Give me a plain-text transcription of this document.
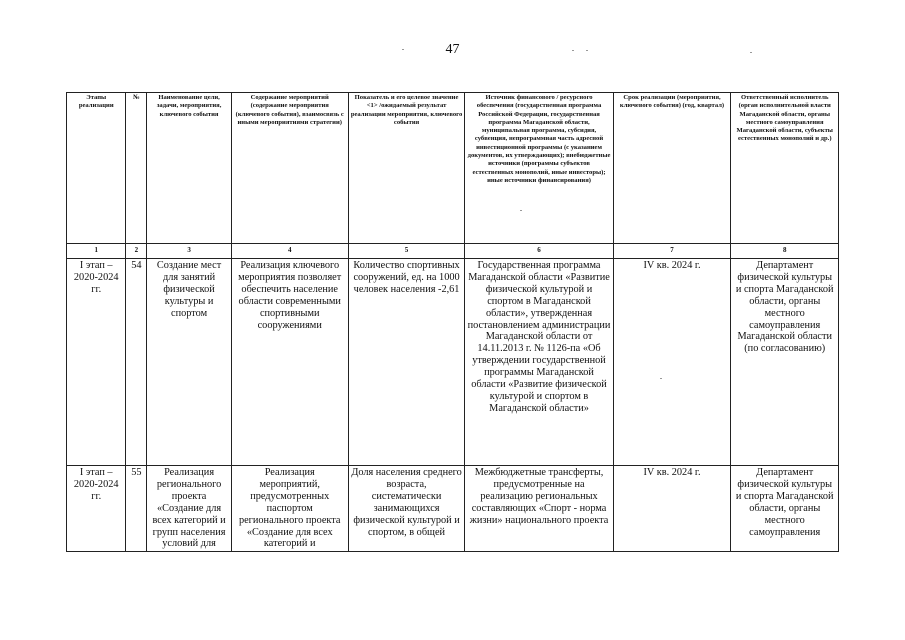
47
Этапы реализации	№	Наименование цели, задачи, мероприятия, ключевого события	Содержание мероприятий (содержание мероприятия (ключевого события), взаимосвязь с иными мероприятиями стратегии)	Показатель и его целевое значение <1> /ожидаемый результат реализации мероприятия, ключевого события	Источник финансового / ресурсного обеспечения (государственная программа Российской Федерации, государственная программа Магаданской области, муниципальная программа, субсидия, субвенция, непрограммная часть адресной инвестиционной программы (с указанием документов, их утверждающих); внебюджетные источники (программы субъектов естественных монополий, иные инвесторы); иные источники финансирования)	Срок реализации (мероприятия, ключевого события) (год, квартал)	Ответственный исполнитель (орган исполнительной власти Магаданской области, органы местного самоуправления Магаданской области, субъекты естественных монополий и др.)
1	2	3	4	5	6	7	8
I этап – 2020-2024 гг.	54	Создание мест для занятий физической культуры и спортом	Реализация ключевого мероприятия позволяет обеспечить население области современными спортивными сооружениями	Количество спортивных сооружений, ед. на 1000 человек населения -2,61	Государственная программа Магаданской области «Развитие физической культурой и спортом в Магаданской области», утвержденная постановлением администрации Магаданской области от 14.11.2013 г. № 1126-па «Об утверждении государственной программы Магаданской области «Развитие физической культурой и спортом в Магаданской области»	IV кв. 2024 г.	Департамент физической культуры и спорта Магаданской области, органы местного самоуправления Магаданской области (по согласованию)
I этап – 2020-2024 гг.	55	Реализация регионального проекта «Создание для всех категорий и групп населения условий для	Реализация мероприятий, предусмотренных паспортом регионального проекта «Создание для всех категорий и	Доля населения среднего возраста, систематически занимающихся физической культурой и спортом, в общей	Межбюджетные трансферты, предусмотренные на реализацию региональных составляющих «Спорт - норма жизни» национального проекта	IV кв. 2024 г.	Департамент физической культуры и спорта Магаданской области, органы местного самоуправления
